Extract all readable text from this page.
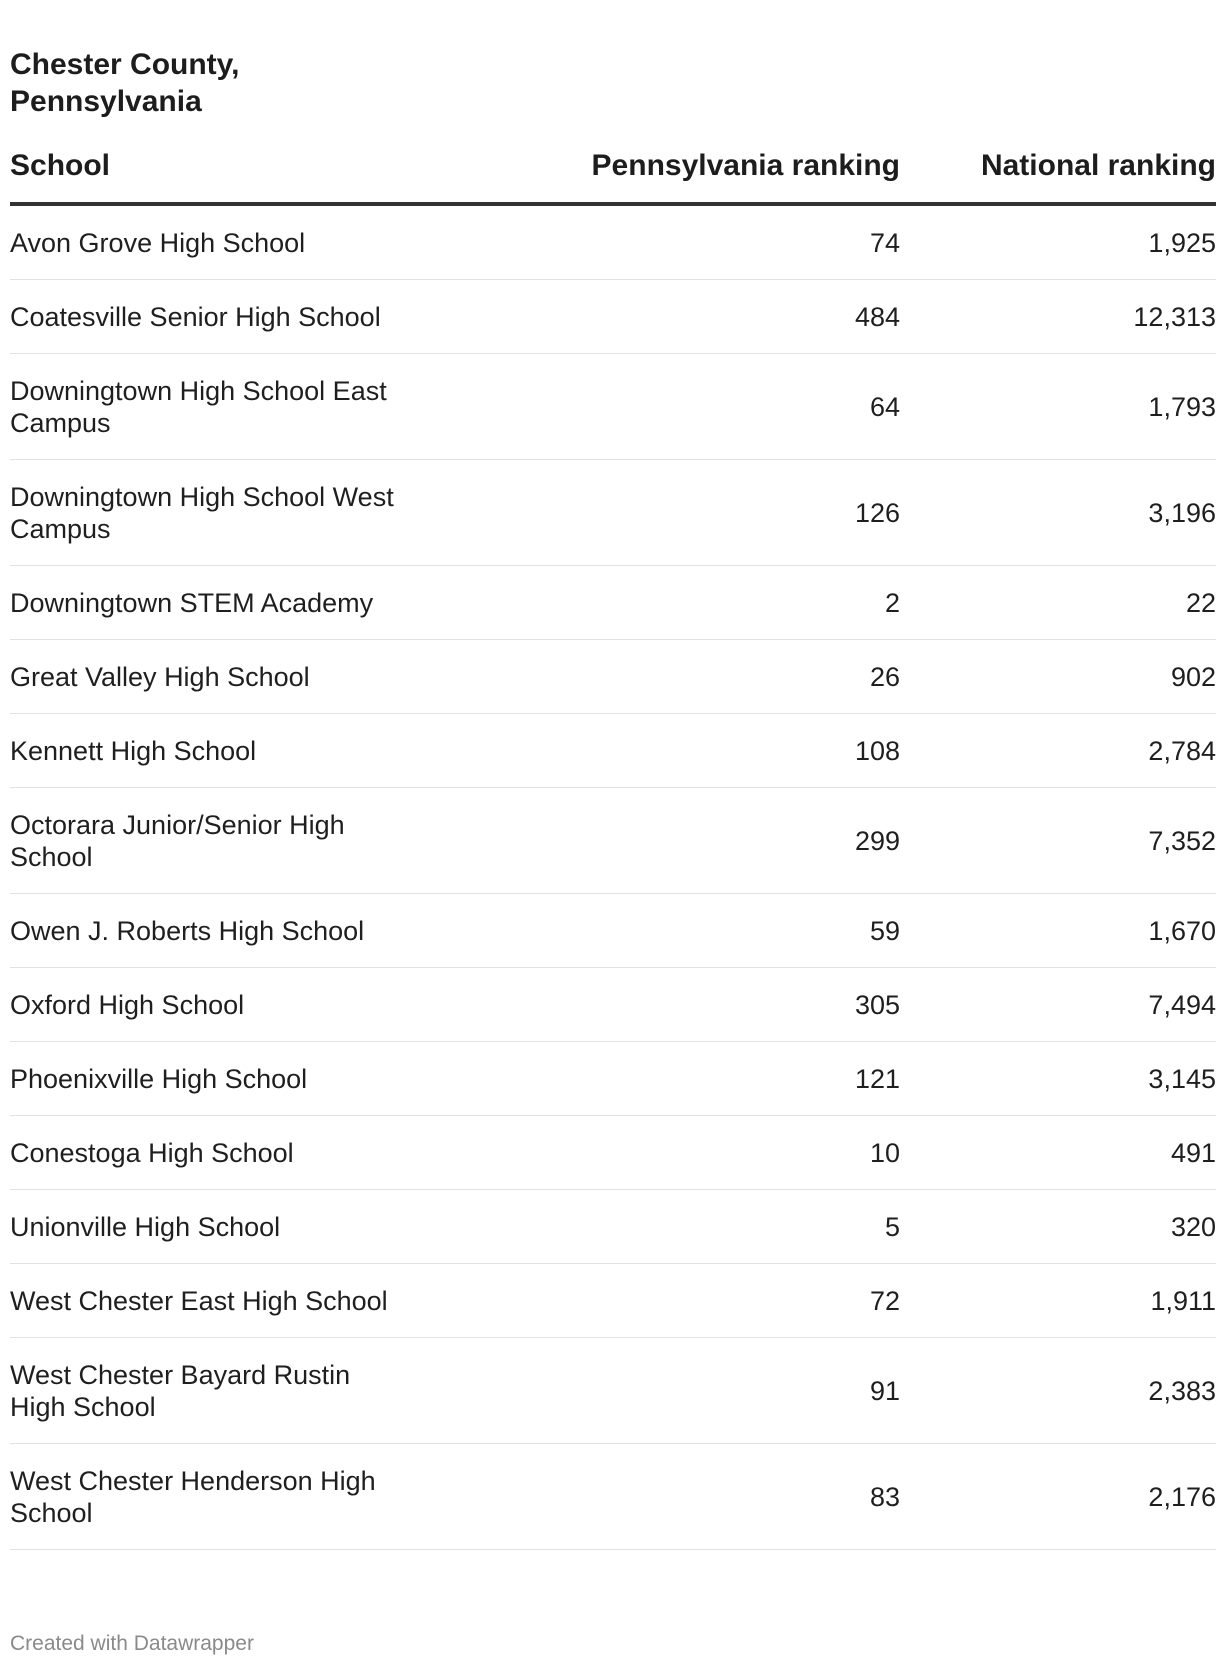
Chester County, Pennsylvania
School	Pennsylvania ranking	National ranking
Avon Grove High School	74	1,925
Coatesville Senior High School	484	12,313
Downingtown High School East Campus	64	1,793
Downingtown High School West Campus	126	3,196
Downingtown STEM Academy	2	22
Great Valley High School	26	902
Kennett High School	108	2,784
Octorara Junior/Senior High School	299	7,352
Owen J. Roberts High School	59	1,670
Oxford High School	305	7,494
Phoenixville High School	121	3,145
Conestoga High School	10	491
Unionville High School	5	320
West Chester East High School	72	1,911
West Chester Bayard Rustin High School	91	2,383
West Chester Henderson High School	83	2,176
Created with Datawrapper
